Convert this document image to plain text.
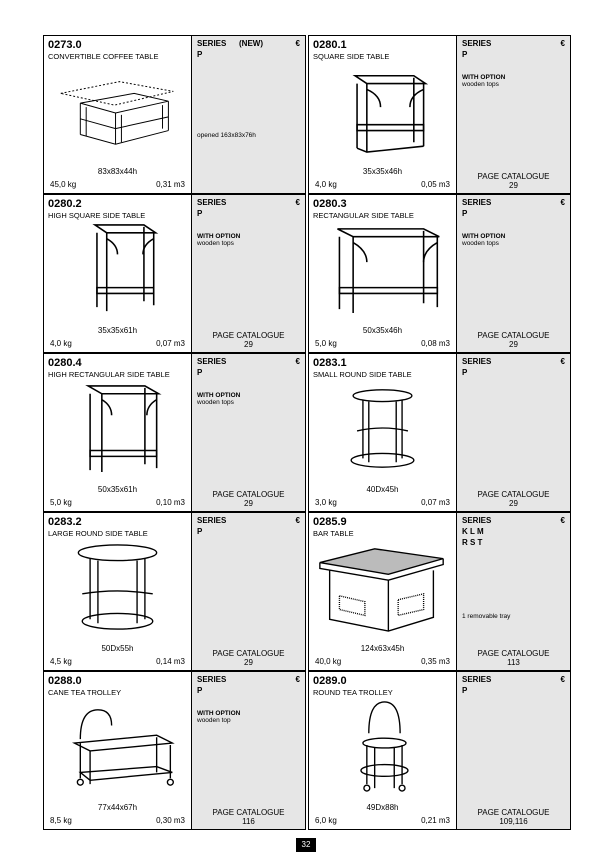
0273.0
CONVERTIBLE COFFEE TABLE
83x83x44h
45,0 kg	0,31 m3
SERIES
P
(NEW)	€
opened 163x83x76h
0280.1
SQUARE SIDE TABLE
35x35x46h
4,0 kg	0,05 m3
SERIES
P
€
WITH OPTION
wooden tops
PAGE CATALOGUE
29
0280.2
HIGH SQUARE SIDE TABLE
35x35x61h
4,0 kg	0,07 m3
SERIES
P
€
WITH OPTION
wooden tops
PAGE CATALOGUE
29
0280.3
RECTANGULAR SIDE TABLE
50x35x46h
5,0 kg	0,08 m3
SERIES
P
€
WITH OPTION
wooden tops
PAGE CATALOGUE
29
0280.4
HIGH RECTANGULAR SIDE TABLE
50x35x61h
5,0 kg	0,10 m3
SERIES
P
€
WITH OPTION
wooden tops
PAGE CATALOGUE
29
0283.1
SMALL ROUND SIDE TABLE
40Dx45h
3,0 kg	0,07 m3
SERIES
P
€
PAGE CATALOGUE
29
0283.2
LARGE ROUND SIDE TABLE
50Dx55h
4,5 kg	0,14 m3
SERIES
P
€
PAGE CATALOGUE
29
0285.9
BAR TABLE
124x63x45h
40,0 kg	0,35 m3
SERIES
K L M
R S T
€
1 removable tray
PAGE CATALOGUE
113
0288.0
CANE TEA TROLLEY
77x44x67h
8,5 kg	0,30 m3
SERIES
P
€
WITH OPTION
wooden top
PAGE CATALOGUE
116
0289.0
ROUND TEA TROLLEY
49Dx88h
6,0 kg	0,21 m3
SERIES
P
€
PAGE CATALOGUE
109,116
32
